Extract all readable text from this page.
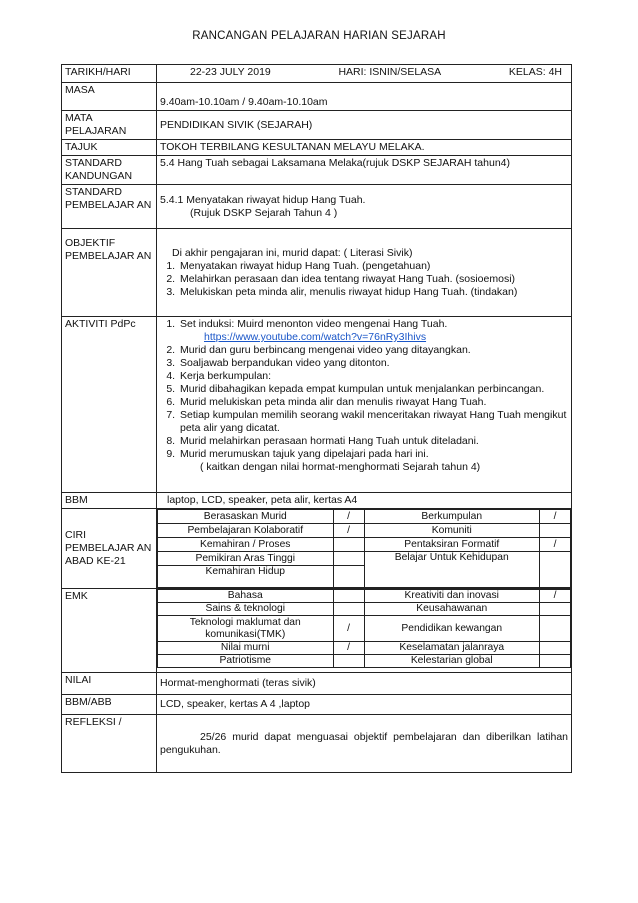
RANCANGAN PELAJARAN HARIAN SEJARAH
TARIKH/HARI	22-23 JULY 2019	HARI: ISNIN/SELASA	KELAS: 4H

MASA	9.40am-10.10am / 9.40am-10.10am
MATA PELAJARAN	PENDIDIKAN SIVIK (SEJARAH)
TAJUK	TOKOH TERBILANG KESULTANAN MELAYU MELAKA.
STANDARD KANDUNGAN	5.4 Hang Tuah sebagai Laksamana Melaka(rujuk DSKP SEJARAH tahun4)
STANDARD PEMBELAJAR AN	5.4.1 Menyatakan riwayat hidup Hang Tuah.
(Rujuk DSKP Sejarah Tahun 4 )

OBJEKTIF PEMBELAJAR AN	Di akhir pengajaran ini, murid dapat: ( Literasi Sivik)
1. Menyatakan riwayat hidup Hang Tuah. (pengetahuan)
2. Melahirkan perasaan dan idea tentang riwayat Hang Tuah. (sosioemosi)
3. Melukiskan peta minda alir, menulis riwayat hidup Hang Tuah. (tindakan)

AKTIVITI PdPc	
1.Set induksi: Muird menonton video mengenai Hang Tuah.
https://www.youtube.com/watch?v=76nRy3Ihivs
2. Murid dan guru berbincang mengenai video yang ditayangkan.
3. Soaljawab berpandukan video yang ditonton.
4. Kerja berkumpulan:
5. Murid dibahagikan kepada empat kumpulan untuk menjalankan perbincangan.
6. Murid melukiskan peta minda alir dan menulis riwayat Hang Tuah.
7. Setiap kumpulan memilih seorang wakil menceritakan riwayat Hang Tuah mengikut peta alir yang dicatat.
8. Murid melahirkan perasaan hormati Hang Tuah untuk diteladani.
9. Murid merumuskan tajuk yang dipelajari pada hari ini.
( kaitkan dengan nilai hormat-menghormati Sejarah tahun 4)

BBM	laptop, LCD, speaker, peta alir, kertas A4
CIRI PEMBELAJAR AN ABAD KE-21	
Berasaskan Murid	/	Berkumpulan	/
Pembelajaran Kolaboratif	/	Komuniti	
Kemahiran / Proses		Pentaksiran Formatif	/
Pemikiran Aras Tinggi		Belajar Untuk Kehidupan	
Kemahiran Hidup	

EMK		Bahasa		Kreativiti dan inovasi	/
Sains & teknologi		Keusahawanan	
Teknologi maklumat dan komunikasi(TMK)	/	Pendidikan kewangan	
Nilai murni	/	Keselamatan jalanraya	
Patriotisme		Kelestarian global	

NILAI	Hormat-menghormati (teras sivik)
BBM/ABB	LCD, speaker, kertas A 4 ,laptop
REFLEKSI /	25/26 murid dapat menguasai objektif pembelajaran dan diberilkan latihan pengukuhan.
